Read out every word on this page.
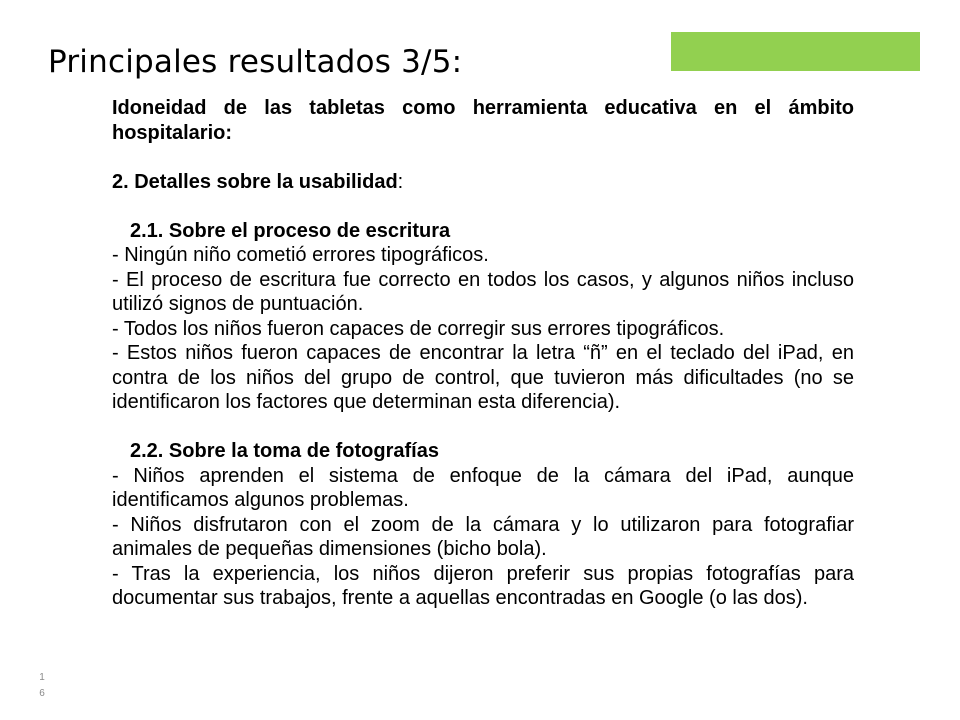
Principales resultados 3/5:

Idoneidad de las tabletas como herramienta educativa en el ámbito hospitalario:

2. Detalles sobre la usabilidad:

2.1. Sobre el proceso de escritura

- Ningún niño cometió errores tipográficos.

- El proceso de escritura fue correcto en todos los casos, y algunos niños incluso utilizó signos de puntuación.

- Todos los niños fueron capaces de corregir sus errores tipográficos.

- Estos niños fueron capaces de encontrar la letra “ñ” en el teclado del iPad, en contra de los niños del grupo de control, que tuvieron más dificultades (no se identificaron los factores que determinan esta diferencia).

2.2. Sobre la toma de fotografías

- Niños aprenden el sistema de enfoque de la cámara del iPad, aunque identificamos algunos problemas.

- Niños disfrutaron con el zoom de la cámara y lo utilizaron para fotografiar animales de pequeñas dimensiones (bicho bola).

- Tras la experiencia, los niños dijeron preferir sus propias fotografías para documentar sus trabajos, frente a aquellas encontradas en Google (o las dos).

16
